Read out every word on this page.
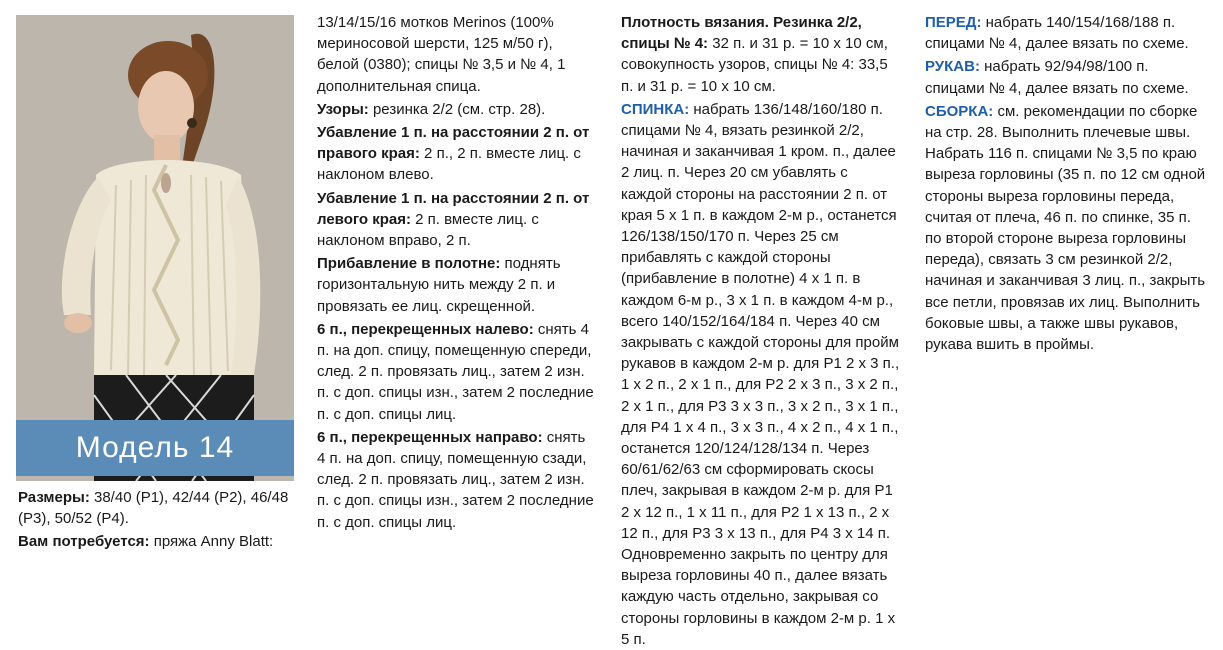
Модель 14

Размеры: 38/40 (P1), 42/44 (P2), 46/48 (P3), 50/52 (P4).

Вам потребуется: пряжа Anny Blatt:

13/14/15/16 мотков Merinos (100% мериносовой шерсти, 125 м/50 г), белой (0380); спицы № 3,5 и № 4, 1 дополнительная спица.

Узоры: резинка 2/2 (см. стр. 28).

Убавление 1 п. на расстоянии 2 п. от правого края: 2 п., 2 п. вместе лиц. с наклоном влево.

Убавление 1 п. на расстоянии 2 п. от левого края: 2 п. вместе лиц. с наклоном вправо, 2 п.

Прибавление в полотне: поднять горизонтальную нить между 2 п. и провязать ее лиц. скрещенной.

6 п., перекрещенных налево: снять 4 п. на доп. спицу, помещенную спереди, след. 2 п. провязать лиц., затем 2 изн. п. с доп. спицы изн., затем 2 последние п. с доп. спицы лиц.

6 п., перекрещенных направо: снять 4 п. на доп. спицу, помещенную сзади, след. 2 п. провязать лиц., затем 2 изн. п. с доп. спицы изн., затем 2 последние п. с доп. спицы лиц.

Плотность вязания. Резинка 2/2, спицы № 4: 32 п. и 31 р. = 10 х 10 см, совокупность узоров, спицы № 4: 33,5 п. и 31 р. = 10 х 10 см.

СПИНКА: набрать 136/148/160/180 п. спицами № 4, вязать резинкой 2/2, начиная и заканчивая 1 кром. п., далее 2 лиц. п. Через 20 см убавлять с каждой стороны на расстоянии 2 п. от края 5 х 1 п. в каждом 2-м р., останется 126/138/150/170 п. Через 25 см прибавлять с каждой стороны (прибавление в полотне) 4 х 1 п. в каждом 6-м р., 3 х 1 п. в каждом 4-м р., всего 140/152/164/184 п. Через 40 см закрывать с каждой стороны для пройм рукавов в каждом 2-м р. для P1 2 х 3 п., 1 х 2 п., 2 х 1 п., для P2 2 х 3 п., 3 х 2 п., 2 х 1 п., для P3 3 х 3 п., 3 х 2 п., 3 х 1 п., для P4 1 х 4 п., 3 х 3 п., 4 х 2 п., 4 х 1 п., останется 120/124/128/134 п. Через 60/61/62/63 см сформировать скосы плеч, закрывая в каждом 2-м р. для P1 2 х 12 п., 1 х 11 п., для P2 1 х 13 п., 2 х 12 п., для P3 3 х 13 п., для P4 3 х 14 п. Одновременно закрыть по центру для выреза горловины 40 п., далее вязать каждую часть отдельно, закрывая со стороны горловины в каждом 2-м р. 1 х 5 п.

ПЕРЕД: набрать 140/154/168/188 п. спицами № 4, далее вязать по схеме.

РУКАВ: набрать 92/94/98/100 п. спицами № 4, далее вязать по схеме.

СБОРКА: см. рекомендации по сборке на стр. 28. Выполнить плечевые швы. Набрать 116 п. спицами № 3,5 по краю выреза горловины (35 п. по 12 см одной стороны выреза горловины переда, считая от плеча, 46 п. по спинке, 35 п. по второй стороне выреза горловины переда), связать 3 см резинкой 2/2, начиная и заканчивая 3 лиц. п., закрыть все петли, провязав их лиц. Выполнить боковые швы, а также швы рукавов, рукава вшить в проймы.
